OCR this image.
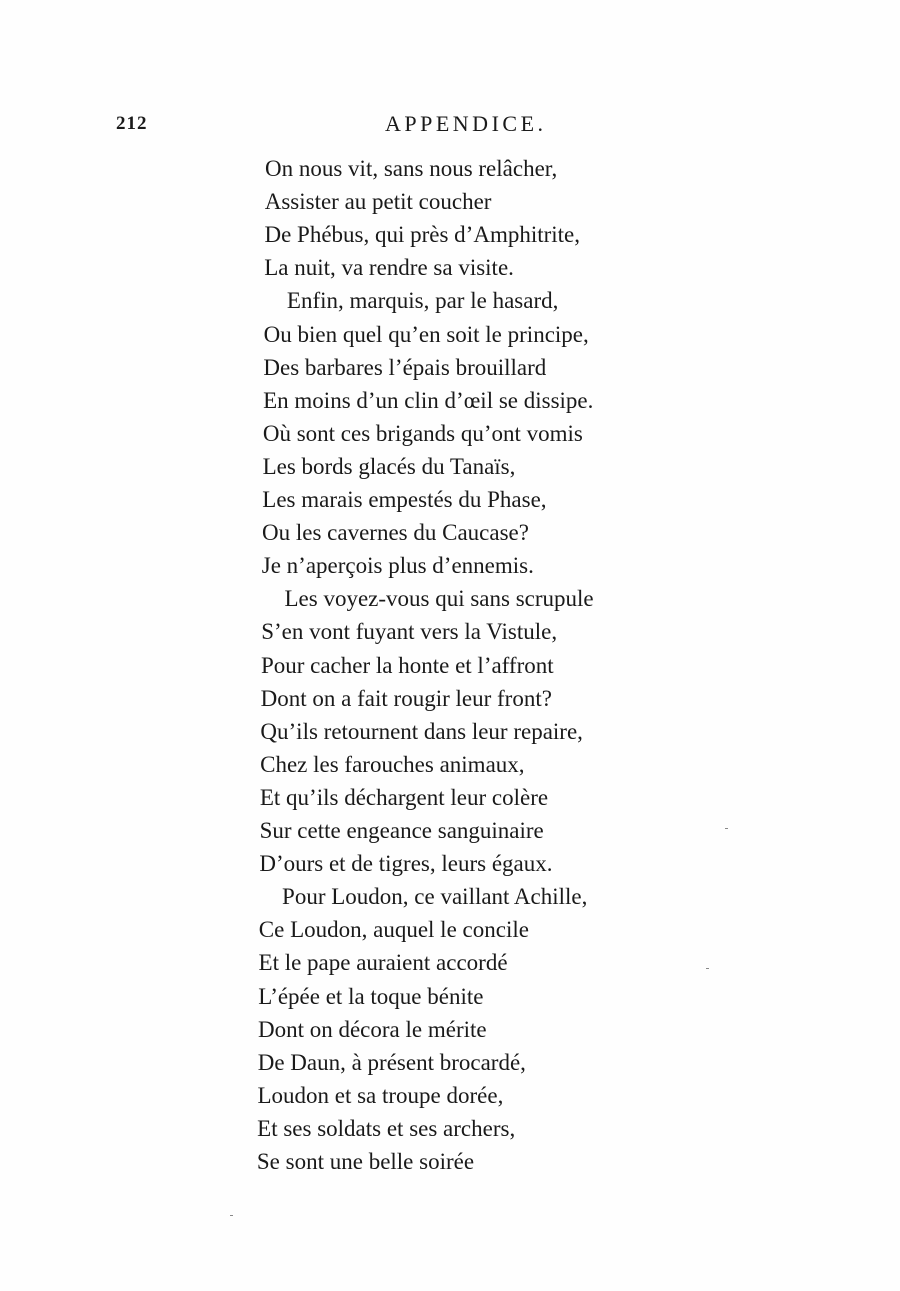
212	APPENDICE.
On nous vit, sans nous relâcher,
Assister au petit coucher
De Phébus, qui près d’Amphitrite,
La nuit, va rendre sa visite.
Enfin, marquis, par le hasard,
Ou bien quel qu’en soit le principe,
Des barbares l’épais brouillard
En moins d’un clin d’œil se dissipe.
Où sont ces brigands qu’ont vomis
Les bords glacés du Tanaïs,
Les marais empestés du Phase,
Ou les cavernes du Caucase?
Je n’aperçois plus d’ennemis.
Les voyez-vous qui sans scrupule
S’en vont fuyant vers la Vistule,
Pour cacher la honte et l’affront
Dont on a fait rougir leur front?
Qu’ils retournent dans leur repaire,
Chez les farouches animaux,
Et qu’ils déchargent leur colère
Sur cette engeance sanguinaire
D’ours et de tigres, leurs égaux.
Pour Loudon, ce vaillant Achille,
Ce Loudon, auquel le concile
Et le pape auraient accordé
L’épée et la toque bénite
Dont on décora le mérite
De Daun, à présent brocardé,
Loudon et sa troupe dorée,
Et ses soldats et ses archers,
Se sont une belle soirée
